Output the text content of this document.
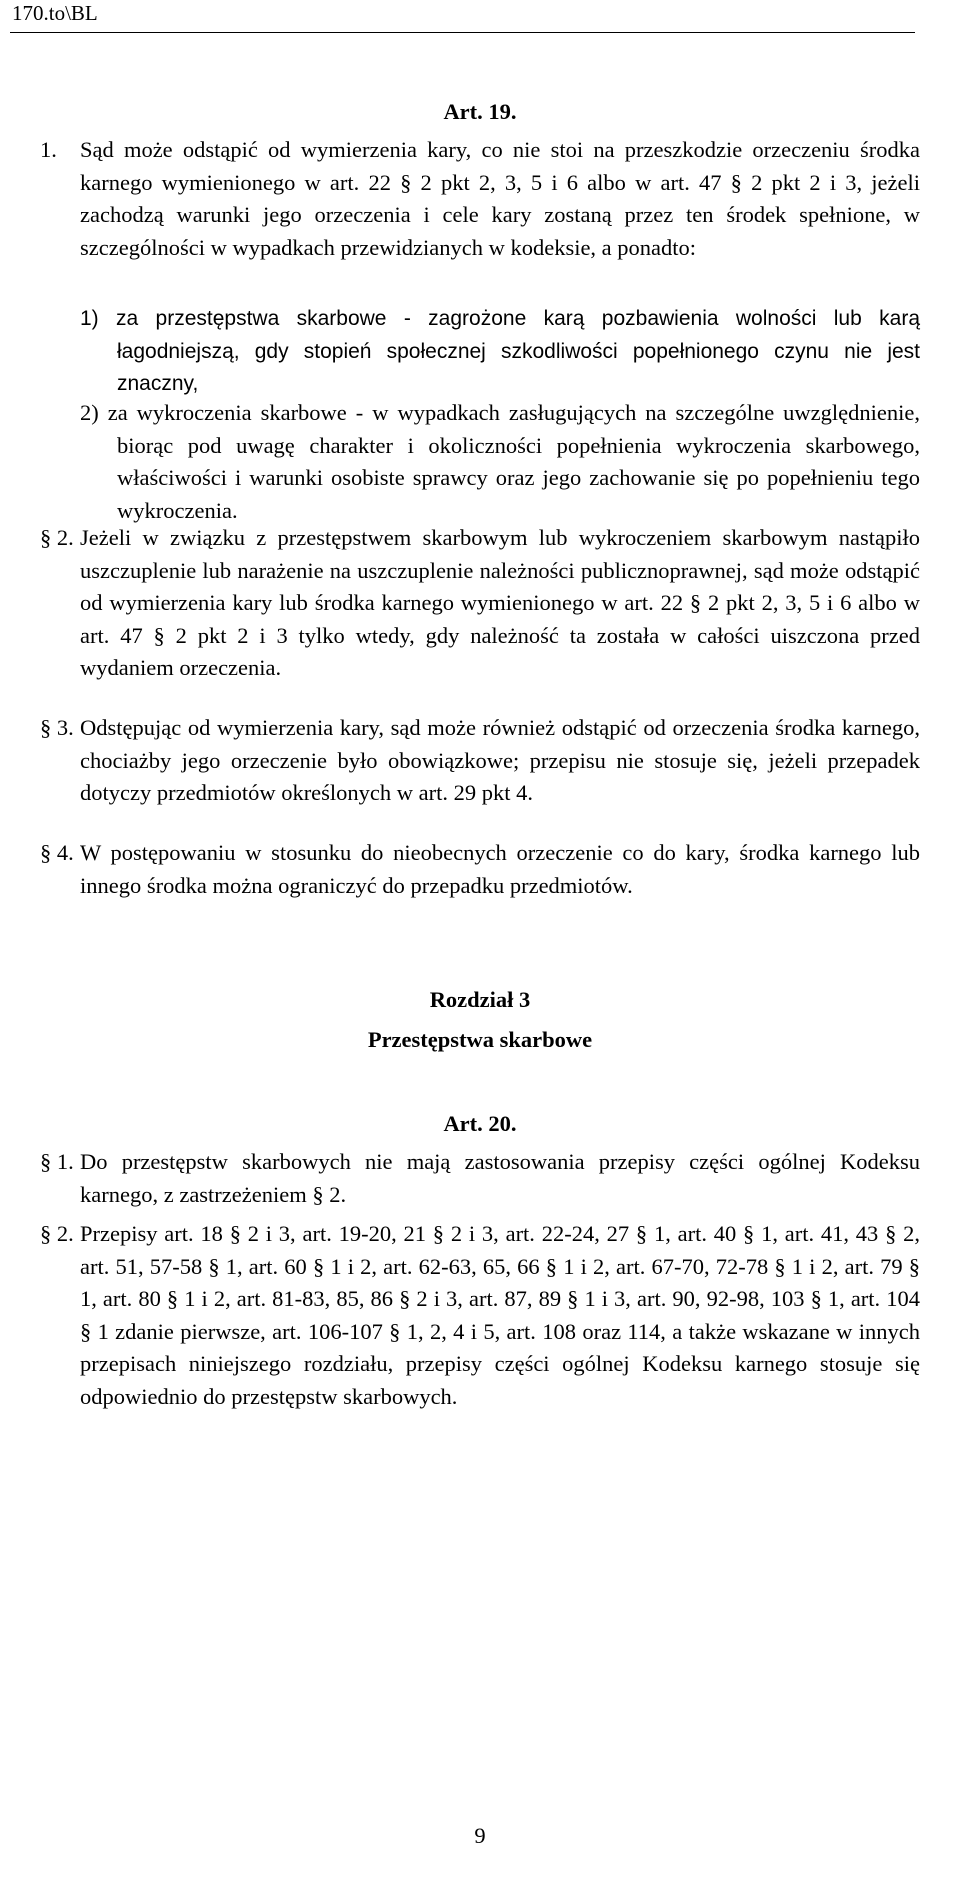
170.to\BL
Art. 19.
1. Sąd może odstąpić od wymierzenia kary, co nie stoi na przeszkodzie orzeczeniu środka karnego wymienionego w art. 22 § 2 pkt 2, 3, 5 i 6 albo w art. 47 § 2 pkt 2 i 3, jeżeli zachodzą warunki jego orzeczenia i cele kary zostaną przez ten środek spełnione, w szczególności w wypadkach przewidzianych w kodeksie, a ponadto:
1) za przestępstwa skarbowe - zagrożone karą pozbawienia wolności lub karą łagodniejszą, gdy stopień społecznej szkodliwości popełnionego czynu nie jest znaczny,
2) za wykroczenia skarbowe - w wypadkach zasługujących na szczególne uwzględnienie, biorąc pod uwagę charakter i okoliczności popełnienia wykroczenia skarbowego, właściwości i warunki osobiste sprawcy oraz jego zachowanie się po popełnieniu tego wykroczenia.
§ 2. Jeżeli w związku z przestępstwem skarbowym lub wykroczeniem skarbowym nastąpiło uszczuplenie lub narażenie na uszczuplenie należności publicznoprawnej, sąd może odstąpić od wymierzenia kary lub środka karnego wymienionego w art. 22 § 2 pkt 2, 3, 5 i 6 albo w art. 47 § 2 pkt 2 i 3 tylko wtedy, gdy należność ta została w całości uiszczona przed wydaniem orzeczenia.
§ 3. Odstępując od wymierzenia kary, sąd może również odstąpić od orzeczenia środka karnego, chociażby jego orzeczenie było obowiązkowe; przepisu nie stosuje się, jeżeli przepadek dotyczy przedmiotów określonych w art. 29 pkt 4.
§ 4. W postępowaniu w stosunku do nieobecnych orzeczenie co do kary, środka karnego lub innego środka można ograniczyć do przepadku przedmiotów.
Rozdział 3
Przestępstwa skarbowe
Art. 20.
§ 1. Do przestępstw skarbowych nie mają zastosowania przepisy części ogólnej Kodeksu karnego, z zastrzeżeniem § 2.
§ 2. Przepisy art. 18 § 2 i 3, art. 19-20, 21 § 2 i 3, art. 22-24, 27 § 1, art. 40 § 1, art. 41, 43 § 2, art. 51, 57-58 § 1, art. 60 § 1 i 2, art. 62-63, 65, 66 § 1 i 2, art. 67-70, 72-78 § 1 i 2, art. 79 § 1, art. 80 § 1 i 2, art. 81-83, 85, 86 § 2 i 3, art. 87, 89 § 1 i 3, art. 90, 92-98, 103 § 1, art. 104 § 1 zdanie pierwsze, art. 106-107 § 1, 2, 4 i 5, art. 108 oraz 114, a także wskazane w innych przepisach niniejszego rozdziału, przepisy części ogólnej Kodeksu karnego stosuje się odpowiednio do przestępstw skarbowych.
9
